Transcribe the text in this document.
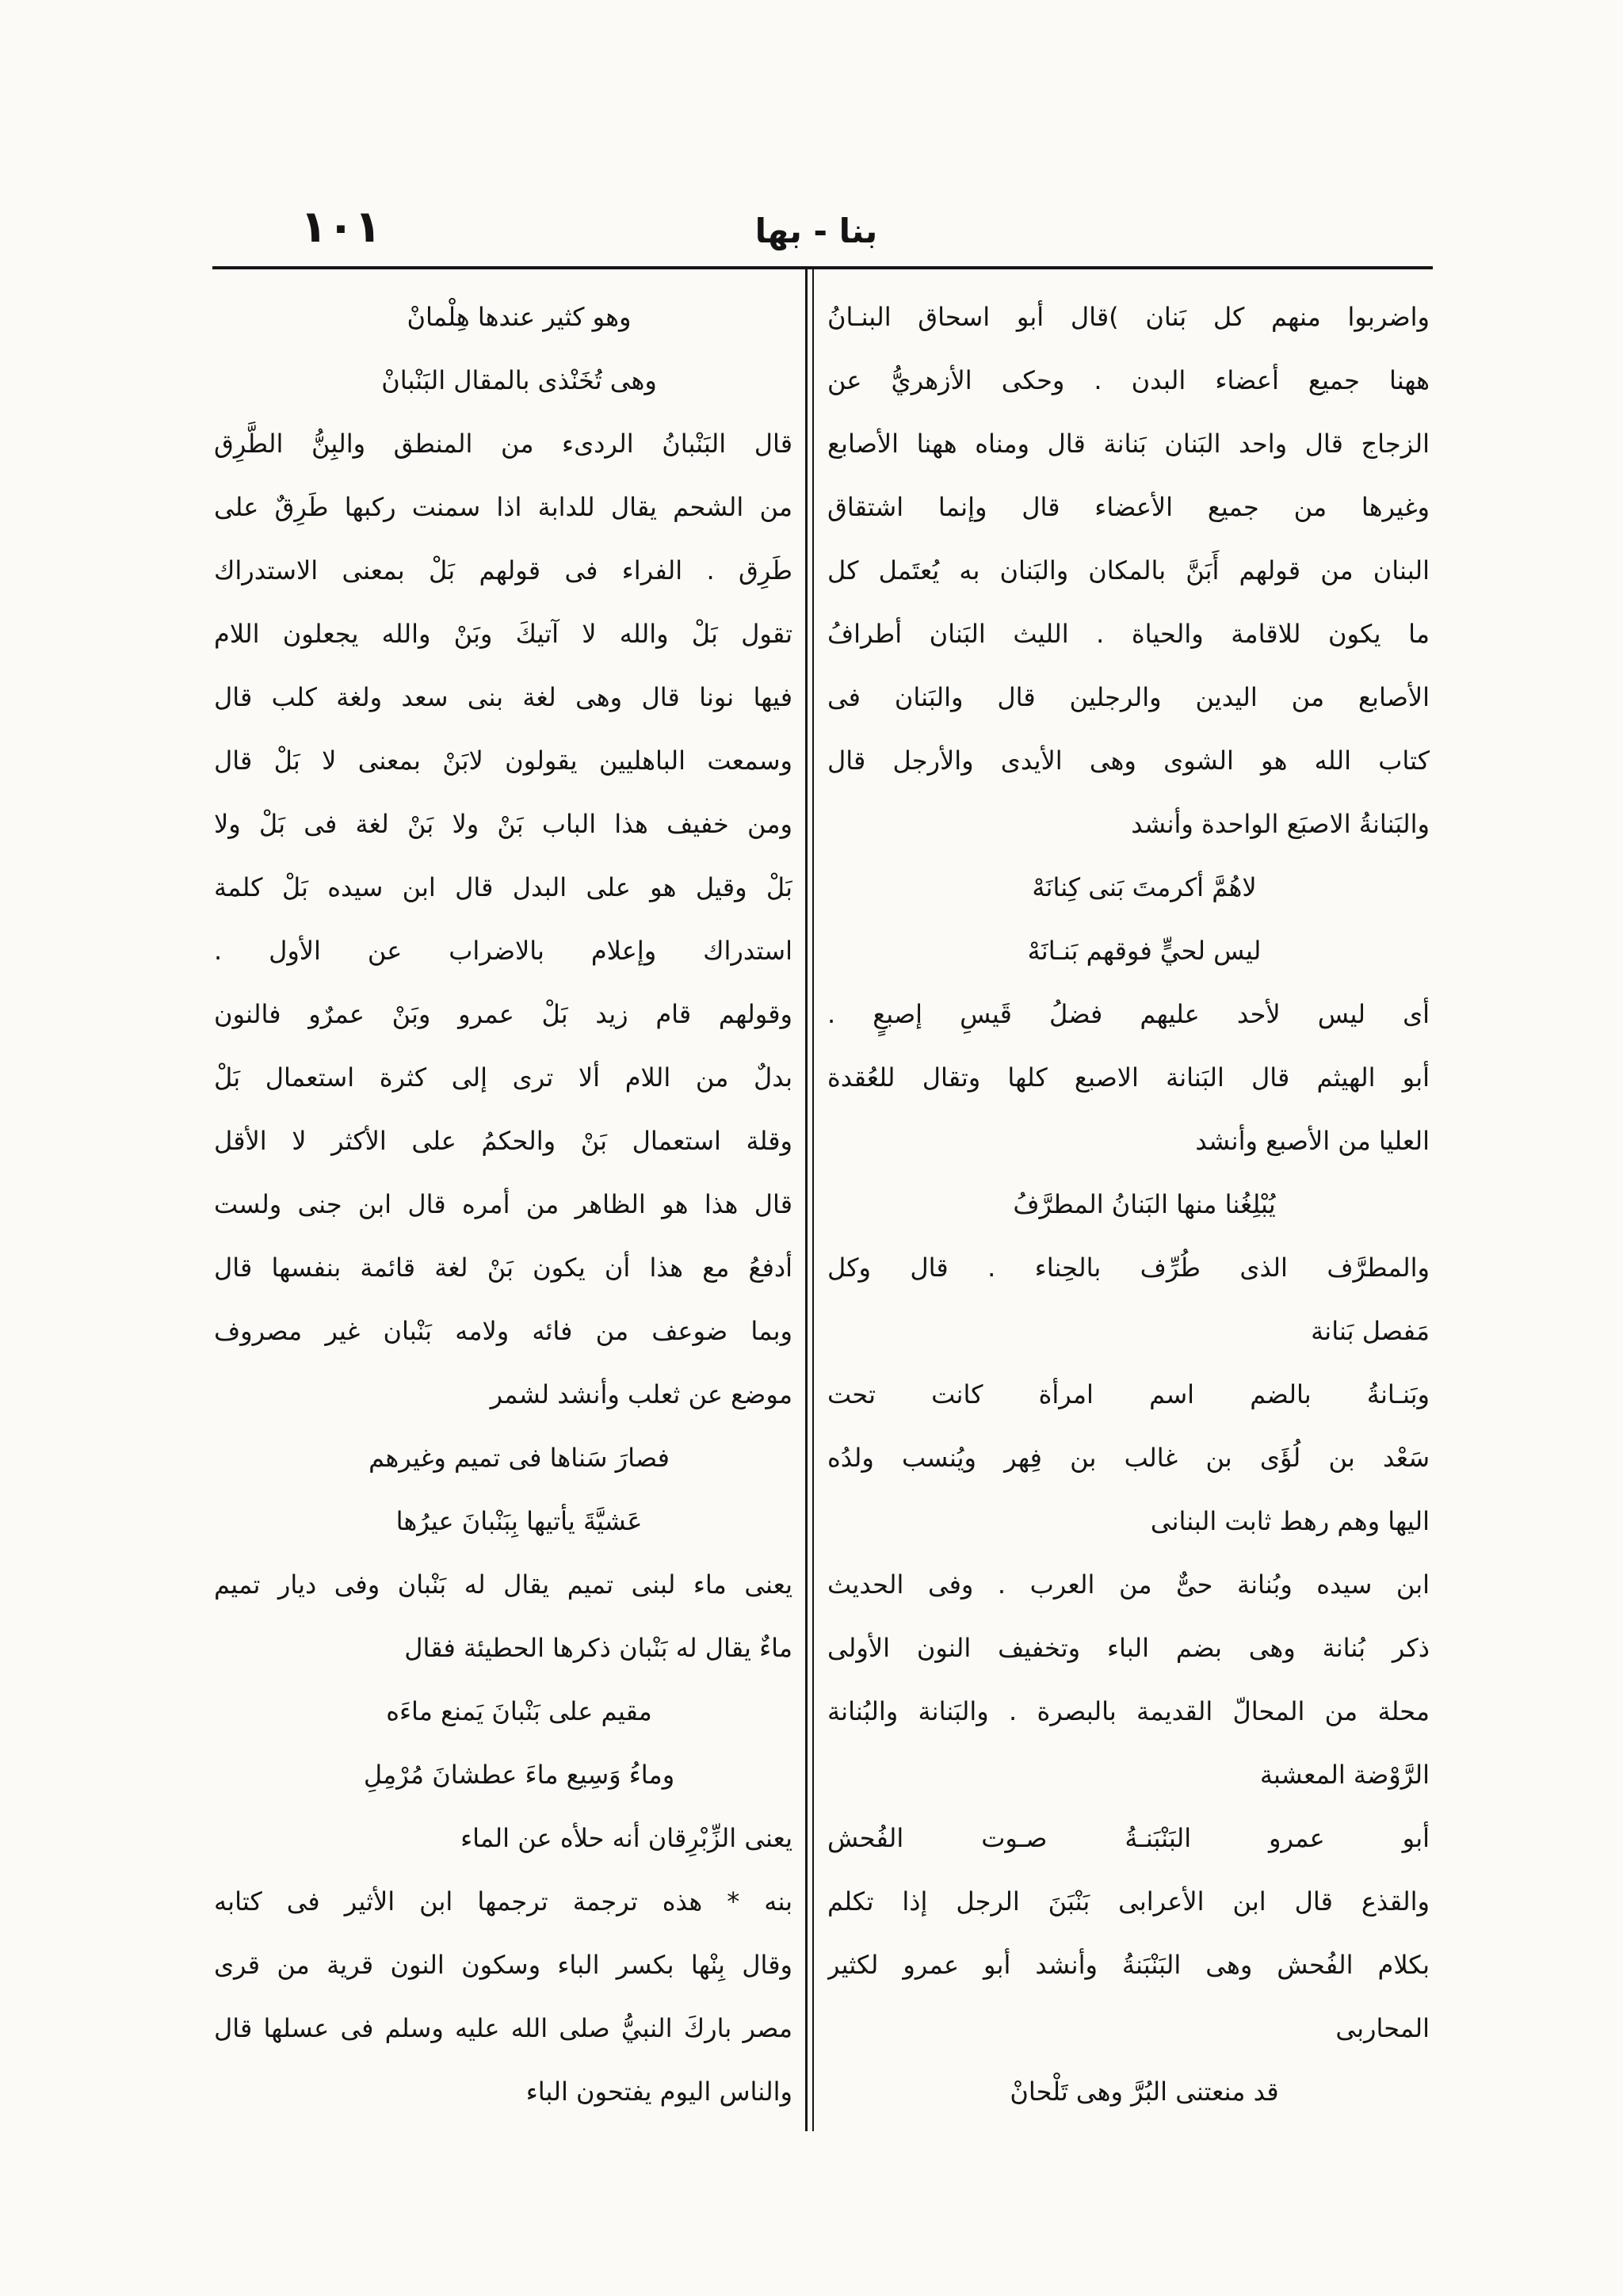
١٠١	بنا - بها
واضربوا منهم كل بَنان )قال أبو اسحاق البنـانُ
ههنا جميع أعضاء البدن . وحكى الأزهريُّ عن
الزجاج قال واحد البَنان بَنانة قال ومناه ههنا الأصابع
وغيرها من جميع الأعضاء قال وإنما اشتقاق
البنان من قولهم أَبَنَّ بالمكان والبَنان به يُعتَمل كل
ما يكون للاقامة والحياة . الليث البَنان أطرافُ
الأصابع من اليدين والرجلين قال والبَنان فى
كتاب الله هو الشوى وهى الأيدى والأرجل قال
والبَنانةُ الاصبَع الواحدة وأنشد
لاهُمَّ أكرمتَ بَنى كِنانَهْ
ليس لحيٍّ فوقهم بَنـانَهْ
أى ليس لأحد عليهم فضلُ قَيسِ إصبعٍ .
أبو الهيثم قال البَنانة الاصبع كلها وتقال للعُقدة
العليا من الأصبع وأنشد
يُبْلِغُنا منها البَنانُ المطرَّفُ
والمطرَّف الذى طُرِّف بالحِناء . قال وكل
مَفصل بَنانة
وبَنـانةُ بالضم اسم امرأة كانت تحت
سَعْد بن لُؤَى بن غالب بن فِهر ويُنسب ولدُه
اليها وهم رهط ثابت البنانى
ابن سيده وبُنانة حىٌّ من العرب . وفى الحديث
ذكر بُنانة وهى بضم الباء وتخفيف النون الأولى
محلة من المحالّ القديمة بالبصرة . والبَنانة والبُنانة
الرَّوْضة المعشبة
أبو عمرو البَنْبَنـةُ صـوت الفُحش
والقذع قال ابن الأعرابى بَنْبَنَ الرجل إذا تكلم
بكلام الفُحش وهى البَنْبَنةُ وأنشد أبو عمرو لكثير
المحاربى
قد منعتنى البُرَّ وهى تَلْحانْ
وهو كثير عندها هِلْمانْ
وهى تُخَنْذى بالمقال البَنْبانْ
قال البَنْبانُ الردىء من المنطق والبِنُّ الطَّرِق
من الشحم يقال للدابة اذا سمنت ركبها طَرِقٌ على
طَرِق . الفراء فى قولهم بَلْ بمعنى الاستدراك
تقول بَلْ والله لا آتيكَ وبَنْ والله يجعلون اللام
فيها نونا قال وهى لغة بنى سعد ولغة كلب قال
وسمعت الباهليين يقولون لابَنْ بمعنى لا بَلْ قال
ومن خفيف هذا الباب بَنْ ولا بَنْ لغة فى بَلْ ولا
بَلْ وقيل هو على البدل قال ابن سيده بَلْ كلمة
استدراك وإعلام بالاضراب عن الأول .
وقولهم قام زيد بَلْ عمرو وبَنْ عمرٌو فالنون
بدلٌ من اللام ألا ترى إلى كثرة استعمال بَلْ
وقلة استعمال بَنْ والحكمُ على الأكثر لا الأقل
قال هذا هو الظاهر من أمره قال ابن جنى ولست
أدفعُ مع هذا أن يكون بَنْ لغة قائمة بنفسها قال
وبما ضوعف من فائه ولامه بَنْبان غير مصروف
موضع عن ثعلب وأنشد لشمر
فصارَ سَناها فى تميم وغيرهم
عَشيَّةَ يأتيها بِبَنْبانَ عيرُها
يعنى ماء لبنى تميم يقال له بَنْبان وفى ديار تميم
ماءٌ يقال له بَنْبان ذكرها الحطيئة فقال
مقيم على بَنْبانَ يَمنع ماءَه
وماءُ وَسِيع ماءَ عطشانَ مُرْمِلِ
يعنى الزِّبْرِقان أنه حلأه عن الماء
بنه * هذه ترجمة ترجمها ابن الأثير فى كتابه
وقال بِنْها بكسر الباء وسكون النون قرية من قرى
مصر باركَ النبيُّ صلى الله عليه وسلم فى عسلها قال
والناس اليوم يفتحون الباء
